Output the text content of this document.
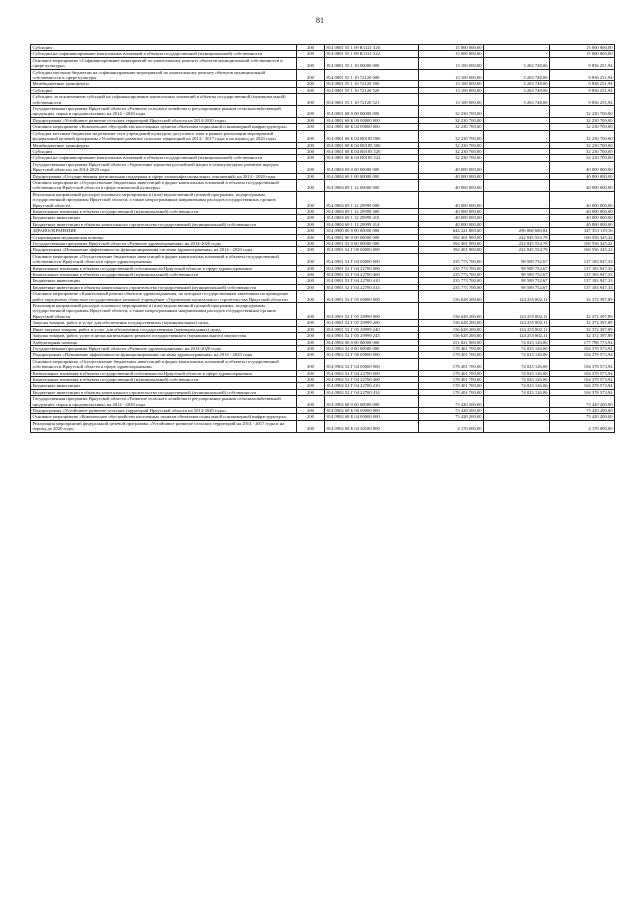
81
Субсидии	200	814 0801 55 1 09 R1121 520	15 000 000,00	-	15 000 000,00
Субсидии на софинансирование капитальных вложений в объекты государственной (муниципальной) собственности	200	814 0801 55 1 09 R1121 522	15 000 000,00	-	15 000 000,00
Основное мероприятие «Софинансирование мероприятий по капитальному ремонту объектов муниципальной собственности в сфере культуры»	200	814 0801 55 1 10 00000 000	13 100 000,00	3 263 748,06	9 836 251,94
Субсидии местным бюджетам на софинансирование мероприятий по капитальному ремонту объектов муниципальной собственности в сфере культуры	200	814 0801 55 1 10 72120 000	13 100 000,00	3 263 748,06	9 836 251,94
Межбюджетные трансферты	200	814 0801 55 1 10 72120 500	13 100 000,00	3 263 748,06	9 836 251,94
Субсидии	200	814 0801 55 1 10 72120 520	13 100 000,00	3 263 748,06	9 836 251,94
Субсидии, за исключением субсидий на софинансирование капитальных вложений в объекты государственной (муниципальной) собственности	200	814 0801 55 1 10 72120 521	13 100 000,00	3 263 748,06	9 836 251,94
Государственная программа Иркутской области «Развитие сельского хозяйства и регулирование рынков сельскохозяйственной продукции, сырья и продовольствия» на 2014 - 2020 годы	200	814 0801 68 0 00 00000 000	32 230 700,00	-	32 230 700,00
Подпрограмма «Устойчивое развитие сельских территорий Иркутской области на 2014-2020 годы»	200	814 0801 68 Б 00 00000 000	32 230 700,00	-	32 230 700,00
Основное мероприятие «Комплексное обустройство населенных пунктов объектами социальной и инженерной инфраструктуры»	200	814 0801 68 Б 04 00000 000	32 230 700,00	-	32 230 700,00
Субсидия местным бюджетам на развитие сети учреждений культурно-досугового типа в рамках реализации мероприятий федеральной целевой программы «Устойчивое развитие сельских территорий на 2014 - 2017 годы и на период до 2020 года»	200	814 0801 68 Б 04 R0185 000	32 230 700,00	-	32 230 700,00
Межбюджетные трансферты	200	814 0801 68 Б 04 R0185 500	32 230 700,00	-	32 230 700,00
Субсидии	200	814 0801 68 Б 04 R0185 520	32 230 700,00	-	32 230 700,00
Субсидии на софинансирование капитальных вложений в объекты государственной (муниципальной) собственности	200	814 0801 68 Б 04 R0185 522	32 230 700,00	-	32 230 700,00
Государственная программа Иркутской области «Укрепление единства российской нации и этнокультурное развитие народов Иркутской области» на 2014-2020 годы	200	814 0804 69 0 00 00000 000	40 000 000,00	-	40 000 000,00
Подпрограмма «Государственная региональная поддержка в сфере этноконфессиональных отношений» на 2014 - 2020 годы	200	814 0804 69 1 00 00000 000	40 000 000,00	-	40 000 000,00
Основное мероприятие «Осуществление бюджетных инвестиций в форме капитальных вложений в объекты государственной собственности Иркутской области в сфере этнической культуры»	200	814 0804 69 1 12 00000 000	40 000 000,00	-	40 000 000,00
Реализация направлений расходов основного мероприятия и (или) ведомственной целевой программы, подпрограммы государственной программы Иркутской области, а также непрограммным направлениям расходов государственных органов Иркутской области	200	814 0804 69 1 12 29999 000	40 000 000,00	-	40 000 000,00
Капитальные вложения в объекты государственной (муниципальной) собственности	200	814 0804 69 1 12 29999 400	40 000 000,00	-	40 000 000,00
Бюджетные инвестиции	200	814 0804 69 1 12 29999 410	40 000 000,00	-	40 000 000,00
Бюджетные инвестиции в объекты капитального строительства государственной (муниципальной) собственности	200	814 0804 69 1 12 29999 414	40 000 000,00	-	40 000 000,00
ЗДРАВООХРАНЕНИЕ	200	814 0900 00 0 00 00000 000	644 221 800,00	296 868 680,84	347 353 119,16
Стационарная медицинская помощь	200	814 0901 00 0 00 00000 000	392 401 900,00	222 845 554,78	169 556 345,22
Государственная программа Иркутской области «Развитие здравоохранения» на 2014-2020 годы	200	814 0901 52 0 00 00000 000	392 401 900,00	222 845 554,78	169 556 345,22
Подпрограмма «Повышение эффективности функционирования системы здравоохранения» на 2014 - 2020 годы	200	814 0901 52 Г 00 00000 000	392 401 900,00	222 845 554,78	169 556 345,22
Основное мероприятие «Осуществление бюджетных инвестиций в форме капитальных вложений в объекты государственной собственности Иркутской области в сфере здравоохранения»	200	814 0901 52 Г 04 00000 000	235 773 700,00	98 589 752,67	137 183 947,33
Капитальные вложения в объекты государственной собственности Иркутской области в сфере здравоохранения	200	814 0901 52 Г 04 22700 000	235 773 700,00	98 589 752,67	137 183 947,33
Капитальные вложения в объекты государственной (муниципальной) собственности	200	814 0901 52 Г 04 22700 400	235 773 700,00	98 589 752,67	137 183 947,33
Бюджетные инвестиции	200	814 0901 52 Г 04 22700 410	235 773 700,00	98 589 752,67	137 183 947,33
Бюджетные инвестиции в объекты капитального строительства государственной (муниципальной) собственности	200	814 0901 52 Г 04 22700 414	235 773 700,00	98 589 752,67	137 183 947,33
Основное мероприятие «Капитальный ремонт объектов здравоохранения, по которым государственным заказчиком на проведение работ определено областное государственное казенное учреждение «Управление капитального строительства Иркутской области»	200	814 0901 52 Г 05 00000 000	156 628 200,00	124 255 802,11	32 372 397,89
Реализация направлений расходов основного мероприятия и (или) ведомственной целевой программы, подпрограммы государственной программы Иркутской области, а также непрограммным направлениям расходов государственных органов Иркутской области	200	814 0901 52 Г 05 29999 000	156 628 200,00	124 255 802,11	32 372 397,89
Закупка товаров, работ и услуг для обеспечения государственных (муниципальных) нужд	200	814 0901 52 Г 05 29999 200	156 628 200,00	124 255 802,11	32 372 397,89
Иные закупки товаров, работ и услуг для обеспечения государственных (муниципальных) нужд	200	814 0901 52 Г 05 29999 240	156 628 200,00	124 255 802,11	32 372 397,89
Закупка товаров, работ, услуг в целях капитального ремонта государственного (муниципального) имущества	200	814 0901 52 Г 05 29999 243	156 628 200,00	124 255 802,11	32 372 397,89
Амбулаторная помощь	200	814 0902 00 0 00 00000 000	251 821 900,00	74 023 126,06	177 798 773,94
Государственная программа Иркутской области «Развитие здравоохранения» на 2014-2020 годы	200	814 0902 52 0 00 00000 000	178 401 700,00	74 023 126,06	104 378 573,94
Подпрограмма «Повышение эффективности функционирования системы здравоохранения» на 2014 - 2020 годы	200	814 0902 52 Г 00 00000 000	178 401 700,00	74 023 126,06	104 378 573,94
Основное мероприятие «Осуществление бюджетных инвестиций в форме капитальных вложений в объекты государственной собственности Иркутской области в сфере здравоохранения»	200	814 0902 52 Г 04 00000 000	178 401 700,00	74 023 126,06	104 378 573,94
Капитальные вложения в объекты государственной собственности Иркутской области в сфере здравоохранения	200	814 0902 52 Г 04 22700 000	178 401 700,00	74 023 126,06	104 378 573,94
Капитальные вложения в объекты государственной (муниципальной) собственности	200	814 0902 52 Г 04 22700 400	178 401 700,00	74 023 126,06	104 378 573,94
Бюджетные инвестиции	200	814 0902 52 Г 04 22700 410	178 401 700,00	74 023 126,06	104 378 573,94
Бюджетные инвестиции в объекты капитального строительства государственной (муниципальной) собственности	200	814 0902 52 Г 04 22700 414	178 401 700,00	74 023 126,06	104 378 573,94
Государственная программа Иркутской области «Развитие сельского хозяйства и регулирование рынков сельскохозяйственной продукции, сырья и продовольствия» на 2014 - 2020 годы	200	814 0902 68 0 00 00000 000	73 420 200,00	-	73 420 200,00
Подпрограмма «Устойчивое развитие сельских территорий Иркутской области на 2014-2020 годы»	200	814 0902 68 Б 00 00000 000	73 420 200,00	-	73 420 200,00
Основное мероприятие «Комплексное обустройство населенных пунктов объектами социальной и инженерной инфраструктуры»	200	814 0902 68 Б 04 00000 000	73 420 200,00	-	73 420 200,00
Реализация мероприятий федеральной целевой программы «Устойчивое развитие сельских территорий на 2014 - 2017 годы и на период до 2020 года»	200	814 0902 68 Б 04 50180 000	4 170 000,00	-	4 170 000,00
